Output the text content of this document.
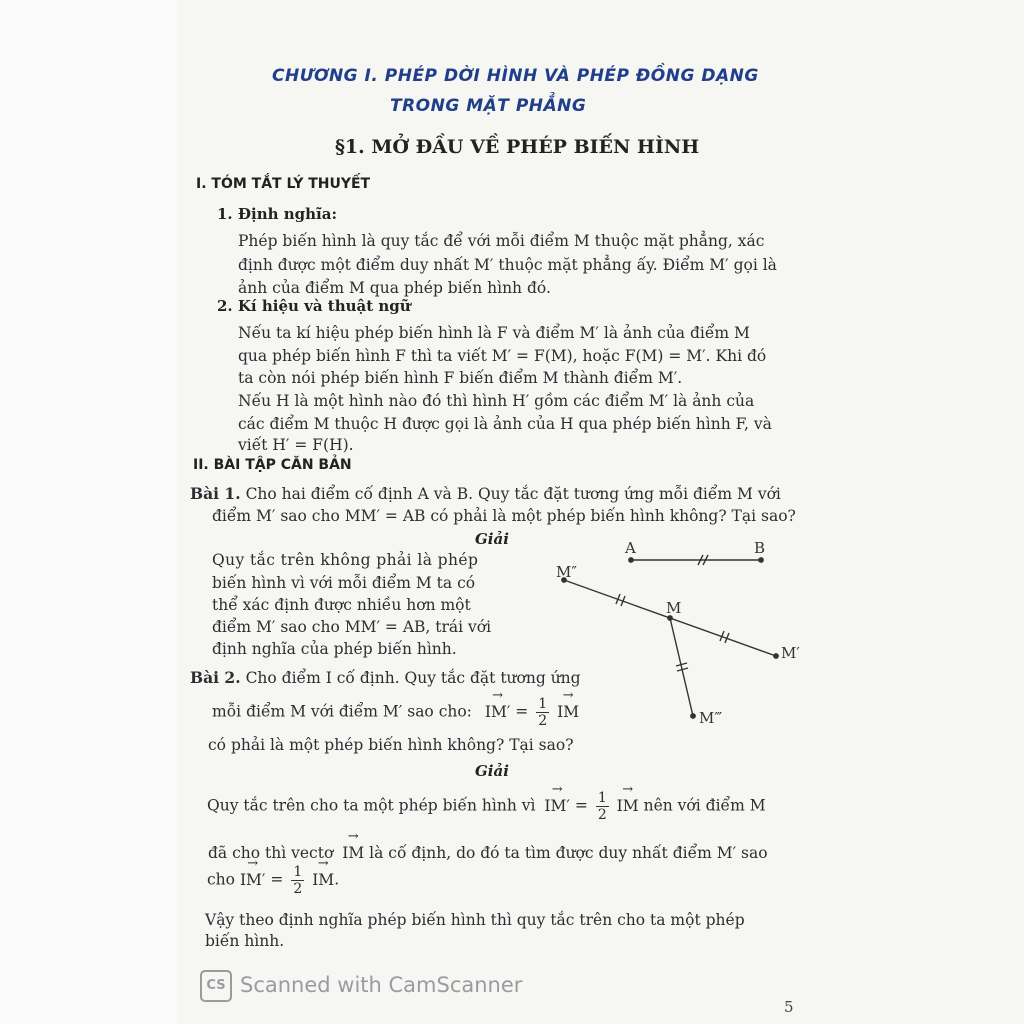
CHƯƠNG I. PHÉP DỜI HÌNH VÀ PHÉP ĐỒNG DẠNG
TRONG MẶT PHẲNG
§1. MỞ ĐẦU VỀ PHÉP BIẾN HÌNH
I. TÓM TẮT LÝ THUYẾT
1. Định nghĩa:
Phép biến hình là quy tắc để với mỗi điểm M thuộc mặt phẳng, xác
định được một điểm duy nhất M′ thuộc mặt phẳng ấy. Điểm M′ gọi là
ảnh của điểm M qua phép biến hình đó.
2. Kí hiệu và thuật ngữ
Nếu ta kí hiệu phép biến hình là F và điểm M′ là ảnh của điểm M
qua phép biến hình F thì ta viết M′ = F(M), hoặc F(M) = M′. Khi đó
ta còn nói phép biến hình F biến điểm M thành điểm M′.
Nếu H là một hình nào đó thì hình H′ gồm các điểm M′ là ảnh của
các điểm M thuộc H được gọi là ảnh của H qua phép biến hình F, và
viết H′ = F(H).
II. BÀI TẬP CĂN BẢN
Bài 1. Cho hai điểm cố định A và B. Quy tắc đặt tương ứng mỗi điểm M với
điểm M′ sao cho MM′ = AB có phải là một phép biến hình không? Tại sao?
Giải
Quy tắc trên không phải là phép
biến hình vì với mỗi điểm M ta có
thể xác định được nhiều hơn một
điểm M′ sao cho MM′ = AB, trái với
định nghĩa của phép biến hình.
A	B
M″
M
M′
M‴
Bài 2. Cho điểm I cố định. Quy tắc đặt tương ứng
mỗi điểm M với điểm M′ sao cho: → $IM' = \frac{1}{2}$ → IM
có phải là một phép biến hình không? Tại sao?
Giải
Quy tắc trên cho ta một phép biến hình vì → $IM' = \frac{1}{2}$ → IM nên với điểm M
đã cho thì vectơ → IM là cố định, do đó ta tìm được duy nhất điểm M′ sao
cho → $IM' = \frac{1}{2}$ → IM.
Vậy theo định nghĩa phép biến hình thì quy tắc trên cho ta một phép
biến hình.
CS Scanned with CamScanner
5
